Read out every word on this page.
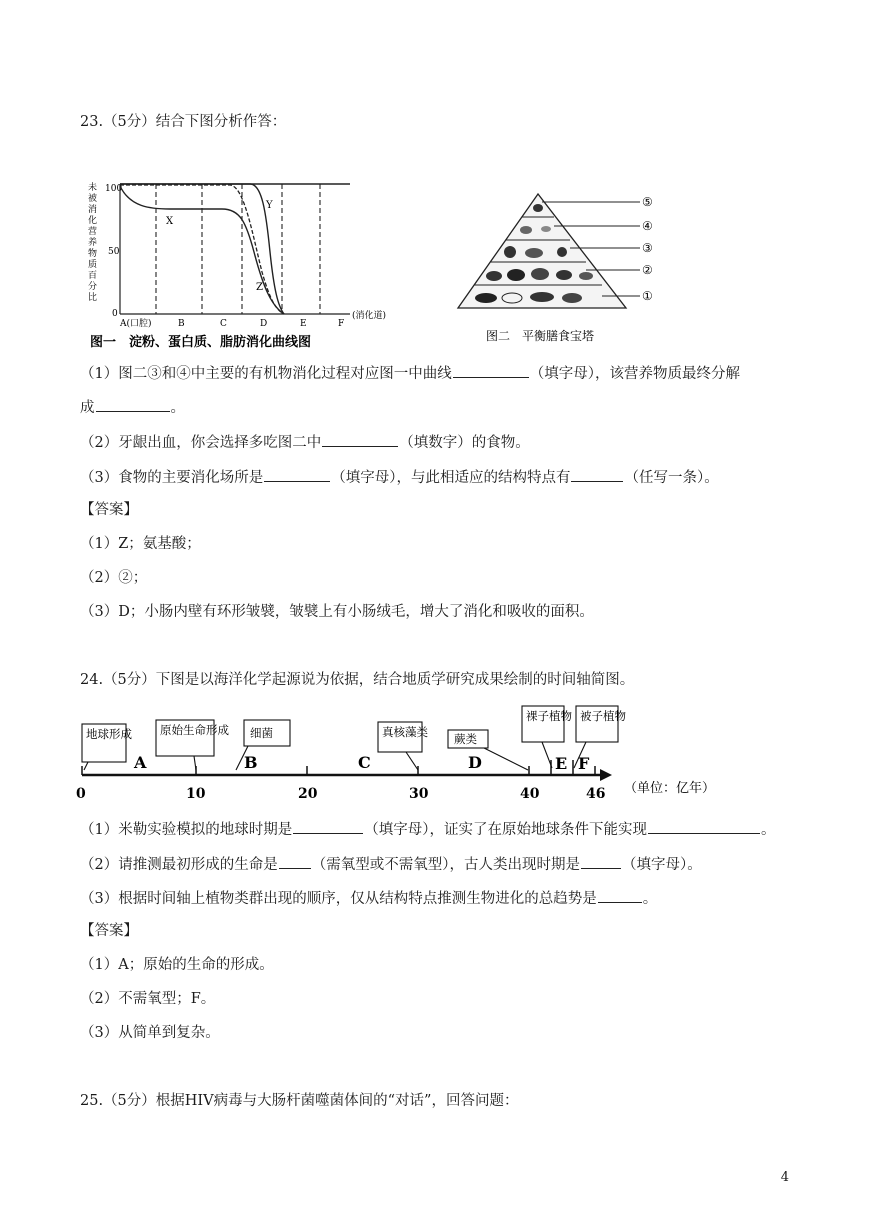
23.（5分）结合下图分析作答：
未
被
消
化
营
养
物
质
百
分
比
100
50
0
X
Y
Z
A(口腔)	B	C	D	E	F
(消化道)
图一　淀粉、蛋白质、脂肪消化曲线图
⑤
④
③
②
①
图二　平衡膳食宝塔
（1）图二③和④中主要的有机物消化过程对应图一中曲线	（填字母），该营养物质最终分解
成	。
（2）牙龈出血，你会选择多吃图二中	（填数字）的食物。
（3）食物的主要消化场所是	（填字母），与此相适应的结构特点有	（任写一条）。
【答案】
（1）Z；氨基酸；
（2）②；
（3）D；小肠内壁有环形皱襞，皱襞上有小肠绒毛，增大了消化和吸收的面积。
24.（5分）下图是以海洋化学起源说为依据，结合地质学研究成果绘制的时间轴简图。
0	10	20	30	40	46 （单位：亿年）
A	B	C	D	E F
地球形成 原始生命形成 细菌	真核藻类 蕨类
裸子植物 被子植物
（1）米勒实验模拟的地球时期是	（填字母），证实了在原始地球条件下能实现	。
（2）请推测最初形成的生命是 （需氧型或不需氧型），古人类出现时期是	（填字母）。
（3）根据时间轴上植物类群出现的顺序，仅从结构特点推测生物进化的总趋势是	。
【答案】
（1）A；原始的生命的形成。
（2）不需氧型；F。
（3）从简单到复杂。
25.（5分）根据HIV病毒与大肠杆菌噬菌体间的“对话”，回答问题：
4
